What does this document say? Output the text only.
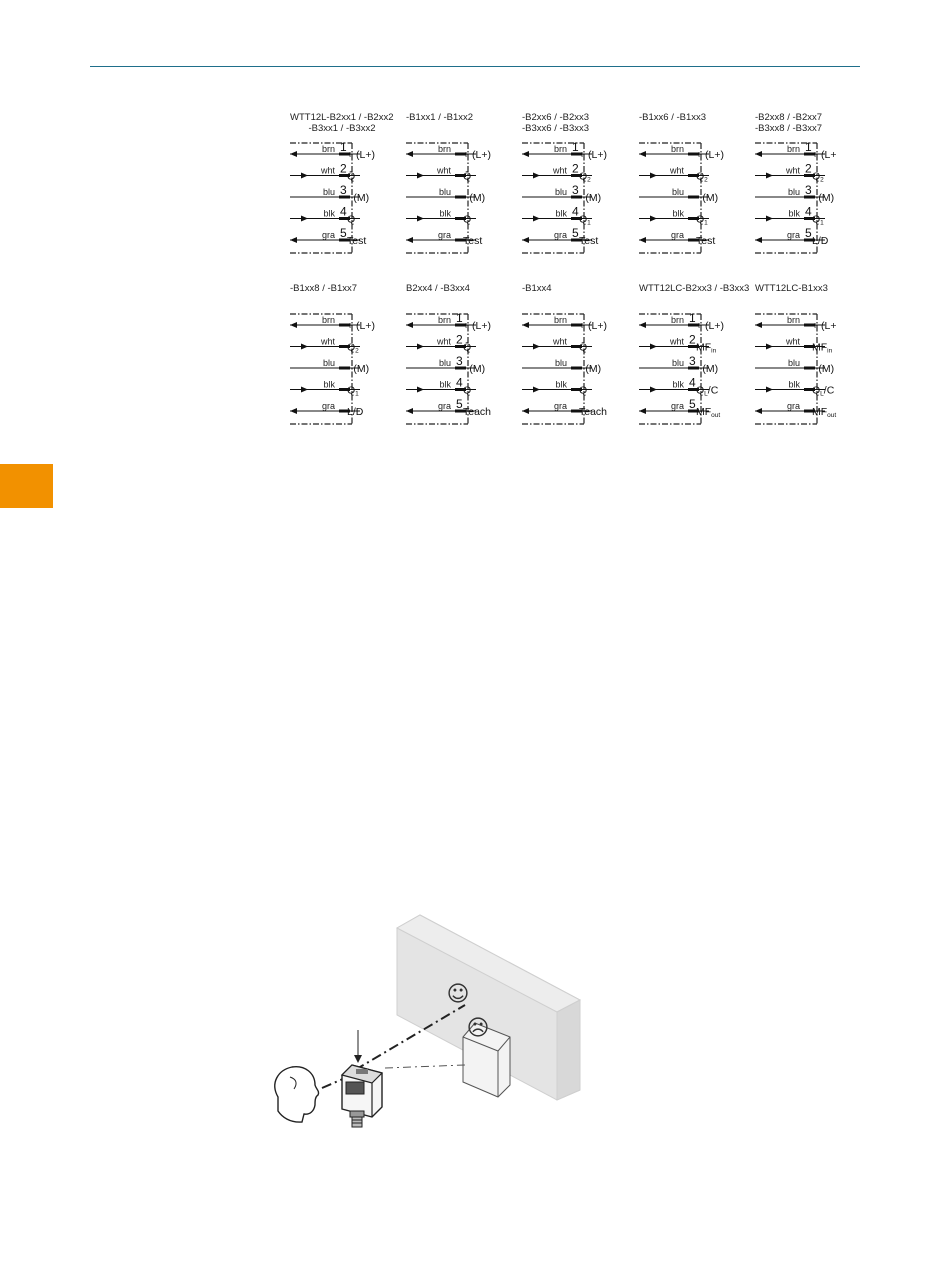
WTT12L-B2xx1 / -B2xx2
-B3xx1 / -B3xx2
brn 1
+ (L+)
wht 2
Q̄
blu 3
- (M)
blk 4
Q
gra 5
Test
-B1xx1 / -B1xx2
brn + (L+)
wht Q̄
blu - (M)
blk Q
gra Test
-B2xx6 / -B2xx3
-B3xx6 / -B3xx3
brn 1
+ (L+)
wht 2
Q2
blu 3
- (M)
blk 4
Q1
gra 5
Test
-B1xx6 / -B1xx3
brn + (L+)
wht Q2
blu - (M)
blk Q1
gra Test
-B2xx8 / -B2xx7
-B3xx8 / -B3xx7
brn 1
+ (L+
wht 2
Q2
blu 3
- (M)
blk 4
Q1
gra 5
L/D
-B1xx8 / -B1xx7
brn + (L+)
wht Q2
blu - (M)
blk Q1
gra L/D
B2xx4 / -B3xx4
brn 1
+ (L+)
wht 2
Q̄
blu 3
- (M)
blk 4
Q
gra 5
Teach
-B1xx4
brn + (L+)
wht Q̄
blu - (M)
blk Q
gra Teach
WTT12LC-B2xx3 / -B3xx3
brn 1
+ (L+)
wht 2
MFin
blu 3
- (M)
blk 4
QL/C
gra 5
MFout
WTT12LC-B1xx3
brn + (L+
wht MFin
blu - (M)
blk QL/C
gra MFout
☺
☹
